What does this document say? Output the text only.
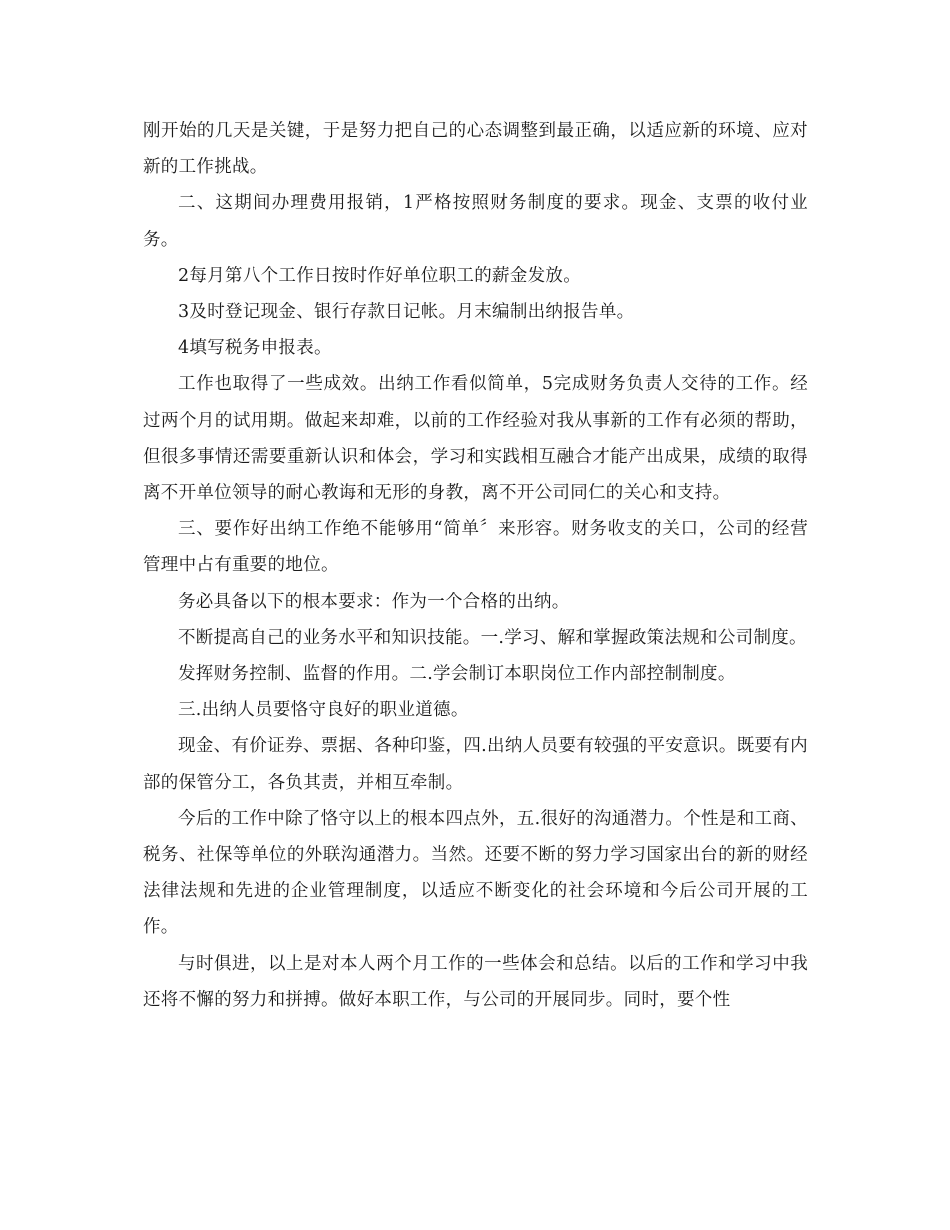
刚开始的几天是关键，于是努力把自己的心态调整到最正确，以适应新的环境、应对新的工作挑战。

二、这期间办理费用报销，1严格按照财务制度的要求。现金、支票的收付业务。

2每月第八个工作日按时作好单位职工的薪金发放。

3及时登记现金、银行存款日记帐。月末编制出纳报告单。

4填写税务申报表。

工作也取得了一些成效。出纳工作看似简单，5完成财务负责人交待的工作。经过两个月的试用期。做起来却难，以前的工作经验对我从事新的工作有必须的帮助，但很多事情还需要重新认识和体会，学习和实践相互融合才能产出成果，成绩的取得离不开单位领导的耐心教诲和无形的身教，离不开公司同仁的关心和支持。

三、要作好出纳工作绝不能够用“简单〞来形容。财务收支的关口，公司的经营管理中占有重要的地位。

务必具备以下的根本要求：作为一个合格的出纳。

不断提高自己的业务水平和知识技能。一.学习、解和掌握政策法规和公司制度。

发挥财务控制、监督的作用。二.学会制订本职岗位工作内部控制制度。

三.出纳人员要恪守良好的职业道德。

现金、有价证券、票据、各种印鉴，四.出纳人员要有较强的平安意识。既要有内部的保管分工，各负其责，并相互牵制。

今后的工作中除了恪守以上的根本四点外，五.很好的沟通潜力。个性是和工商、税务、社保等单位的外联沟通潜力。当然。还要不断的努力学习国家出台的新的财经法律法规和先进的企业管理制度，以适应不断变化的社会环境和今后公司开展的工作。

与时俱进，以上是对本人两个月工作的一些体会和总结。以后的工作和学习中我还将不懈的努力和拼搏。做好本职工作，与公司的开展同步。同时，要个性
